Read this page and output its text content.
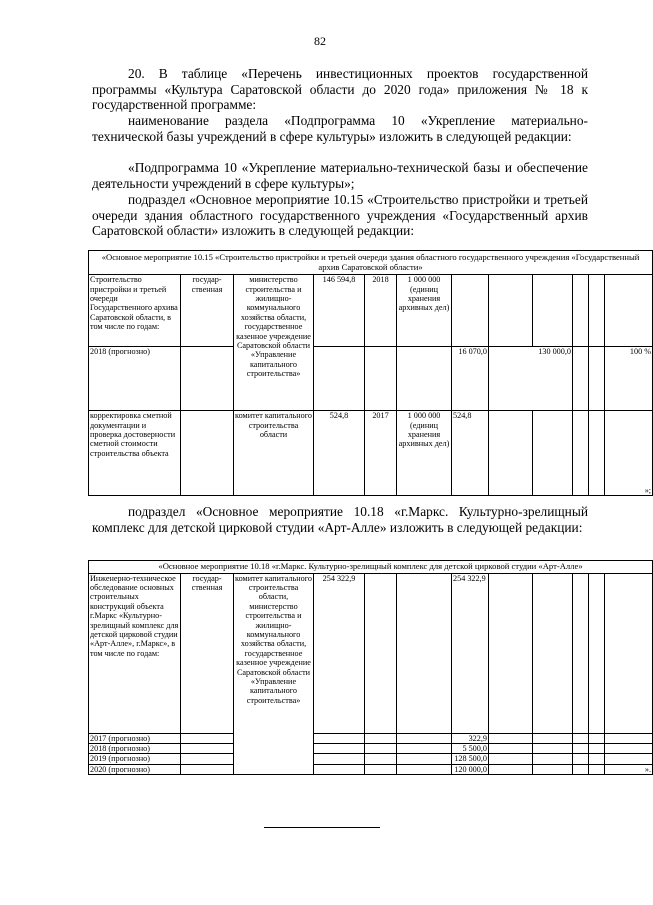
82
20. В таблице «Перечень инвестиционных проектов государственной программы «Культура Саратовской области до 2020 года» приложения № 18 к государственной программе:
наименование раздела «Подпрограмма 10 «Укрепление материально-технической базы учреждений в сфере культуры» изложить в следующей редакции:
«Подпрограмма 10 «Укрепление материально-технической базы и обеспечение деятельности учреждений в сфере культуры»;
подраздел «Основное мероприятие 10.15 «Строительство пристройки и третьей очереди здания областного государственного учреждения «Государственный архив Саратовской области» изложить в следующей редакции:
«Основное мероприятие 10.15 «Строительство пристройки и третьей очереди здания областного государственного учреждения «Государственный архив Саратовской области»											
Строительство пристройки и третьей очереди Государственного архива Саратовской области, в том числе по годам:	государ-ственная	министерство строительства и жилищно-коммунального хозяйства области, государственное казенное учреждение Саратовской области «Управление капитального строительства»	146 594,8	2018	1 000 000 (единиц хранения архивных дел)						
2018 (прогнозно)						16 070,0	130 000,0				100 %
корректировка сметной документации и проверка достоверности сметной стоимости строительства объекта		комитет капитального строительства области	524,8	2017	1 000 000 (единиц хранения архивных дел)	524,8					»;
подраздел «Основное мероприятие 10.18 «г.Маркс. Культурно-зрелищный комплекс для детской цирковой студии «Арт-Алле» изложить в следующей редакции:
«Основное мероприятие 10.18 «г.Маркс. Культурно-зрелищный комплекс для детской цирковой студии «Арт-Алле»											
Инженерно-техническое обследование основных строительных конструкций объекта г.Маркс «Культурно-зрелищный комплекс для детской цирковой студии «Арт-Алле», г.Маркс», в том числе по годам:	государ-ственная	комитет капитального строительства области, министерство строительства и жилищно-коммунального хозяйства области, государственное казенное учреждение Саратовской области «Управление капитального строительства»	254 322,9			254 322,9					
2017 (прогнозно)						322,9					
2018 (прогнозно)						5 500,0					
2019 (прогнозно)						128 500,0					
2020 (прогнозно)						120 000,0					».
